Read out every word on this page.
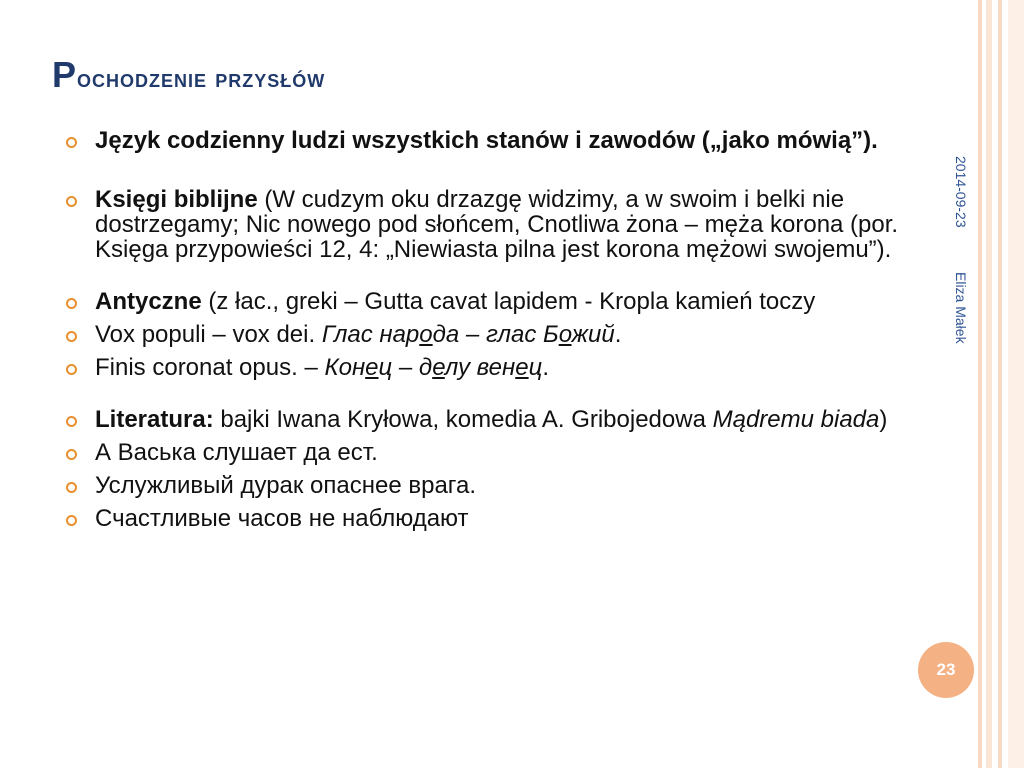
Pochodzenie przysłów
Język codzienny ludzi wszystkich stanów i zawodów („jako mówią”).
Księgi biblijne (W cudzym oku drzazgę widzimy, a w swoim i belki nie dostrzegamy; Nic nowego pod słońcem, Cnotliwa żona – męża korona (por. Księga przypowieści 12, 4: „Niewiasta pilna jest korona mężowi swojemu”).
Antyczne (z łac., greki – Gutta cavat lapidem - Kropla kamień toczy
Vox populi – vox dei. Глас народа – глас Божий.
Finis coronat opus. – Конец – делу венец.
Literatura: bajki Iwana Kryłowa, komedia A. Gribojedowa Mądremu biada)
А Васька слушает да ест.
Услужливый дурак опаснее врага.
Счастливые часов не наблюдают
2014-09-23
Eliza Małek
23
